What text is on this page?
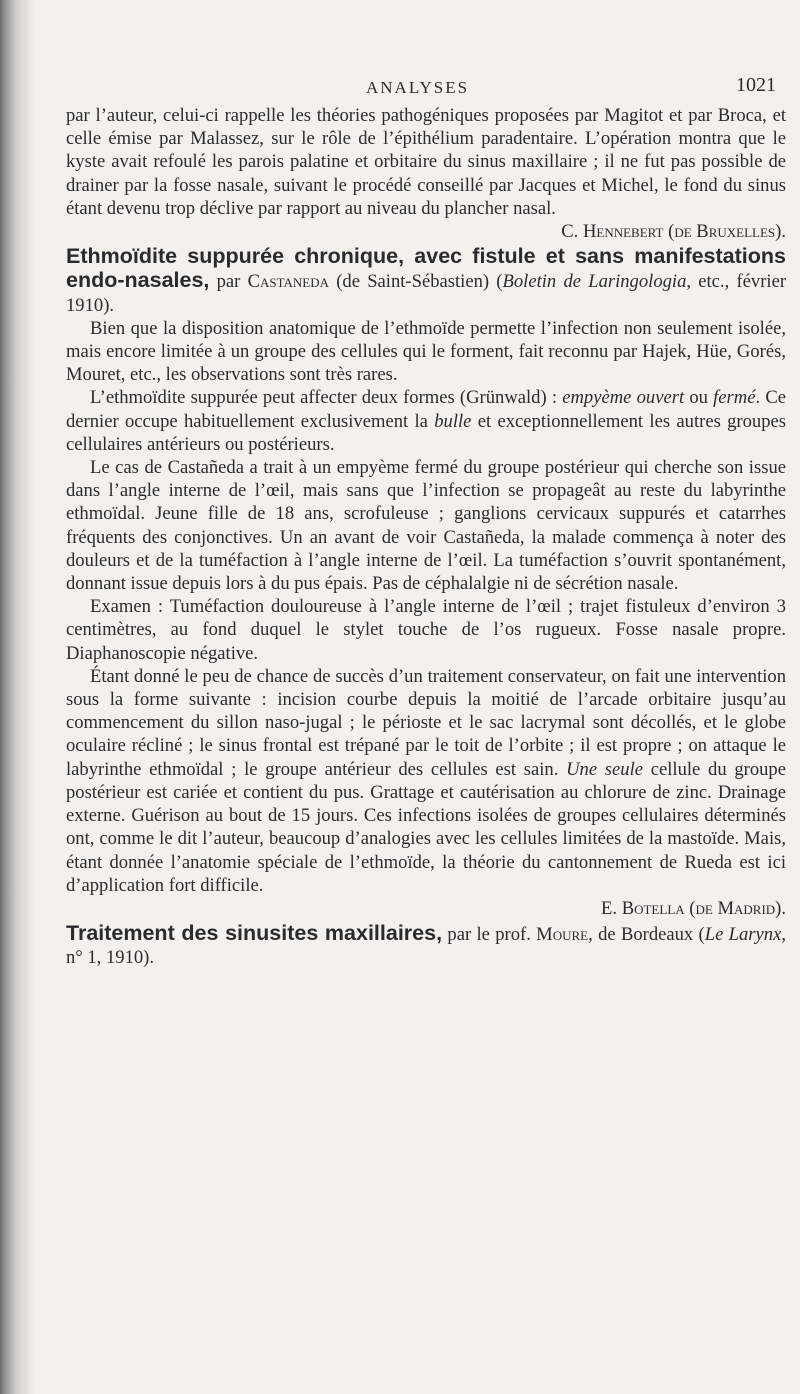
ANALYSES	1021

par l’auteur, celui-ci rappelle les théories pathogéniques proposées par Magitot et par Broca, et celle émise par Malassez, sur le rôle de l’épithélium paradentaire. L’opération montra que le kyste avait refoulé les parois palatine et orbitaire du sinus maxillaire ; il ne fut pas possible de drainer par la fosse nasale, suivant le procédé conseillé par Jacques et Michel, le fond du sinus étant devenu trop déclive par rapport au niveau du plancher nasal.

C. Hennebert (de Bruxelles).

Ethmoïdite suppurée chronique, avec fistule et sans manifestations endo-nasales, par Castaneda (de Saint-Sébastien) (Boletin de Laringologia, etc., février 1910).

Bien que la disposition anatomique de l’ethmoïde permette l’infection non seulement isolée, mais encore limitée à un groupe des cellules qui le forment, fait reconnu par Hajek, Hüe, Gorés, Mouret, etc., les observations sont très rares.

L’ethmoïdite suppurée peut affecter deux formes (Grünwald) : empyème ouvert ou fermé. Ce dernier occupe habituellement exclusivement la bulle et exceptionnellement les autres groupes cellulaires antérieurs ou postérieurs.

Le cas de Castañeda a trait à un empyème fermé du groupe postérieur qui cherche son issue dans l’angle interne de l’œil, mais sans que l’infection se propageât au reste du labyrinthe ethmoïdal. Jeune fille de 18 ans, scrofuleuse ; ganglions cervicaux suppurés et catarrhes fréquents des conjonctives. Un an avant de voir Castañeda, la malade commença à noter des douleurs et de la tuméfaction à l’angle interne de l’œil. La tuméfaction s’ouvrit spontanément, donnant issue depuis lors à du pus épais. Pas de céphalalgie ni de sécrétion nasale.

Examen : Tuméfaction douloureuse à l’angle interne de l’œil ; trajet fistuleux d’environ 3 centimètres, au fond duquel le stylet touche de l’os rugueux. Fosse nasale propre. Diaphanoscopie négative.

Étant donné le peu de chance de succès d’un traitement conservateur, on fait une intervention sous la forme suivante : incision courbe depuis la moitié de l’arcade orbitaire jusqu’au commencement du sillon naso-jugal ; le périoste et le sac lacrymal sont décollés, et le globe oculaire récliné ; le sinus frontal est trépané par le toit de l’orbite ; il est propre ; on attaque le labyrinthe ethmoïdal ; le groupe antérieur des cellules est sain. Une seule cellule du groupe postérieur est cariée et contient du pus. Grattage et cautérisation au chlorure de zinc. Drainage externe. Guérison au bout de 15 jours. Ces infections isolées de groupes cellulaires déterminés ont, comme le dit l’auteur, beaucoup d’analogies avec les cellules limitées de la mastoïde. Mais, étant donnée l’anatomie spéciale de l’ethmoïde, la théorie du cantonnement de Rueda est ici d’application fort difficile.

E. Botella (de Madrid).

Traitement des sinusites maxillaires, par le prof. Moure, de Bordeaux (Le Larynx, n° 1, 1910).
